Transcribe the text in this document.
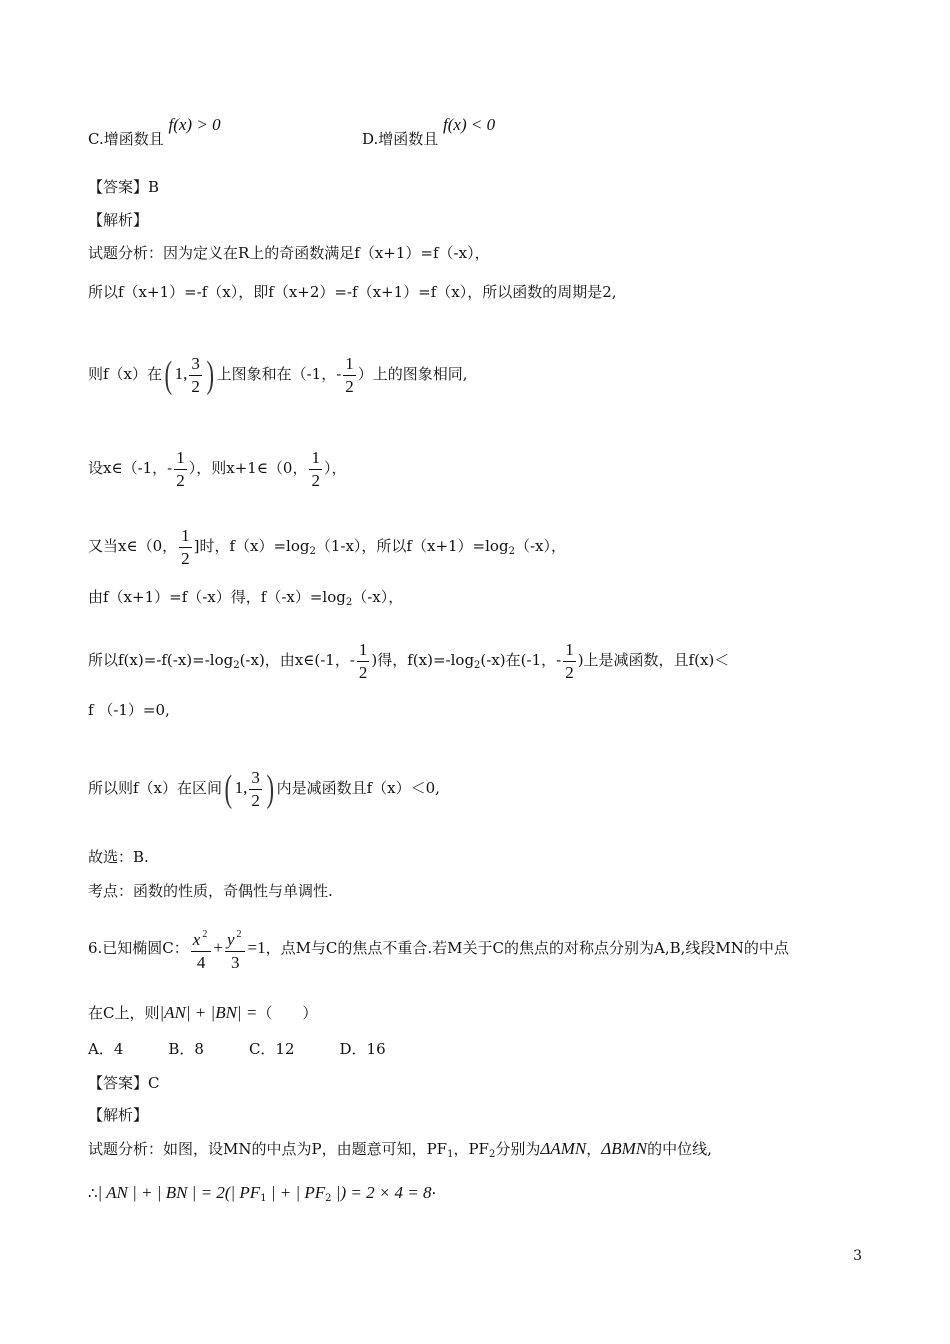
C.增函数且 f(x) > 0
D.增函数且 f(x) < 0
【答案】B
【解析】
试题分析：因为定义在R上的奇函数满足f（x+1）=f（-x），
所以f（x+1）=-f（x），即f（x+2）=-f（x+1）=f（x），所以函数的周期是2,
则f（x）在( 1, $\frac{3}{2}$ ) 上图象和在（-1，- $\frac{1}{2}$ ）上的图象相同,
设x∈（-1，- $\frac{1}{2}$ ），则x+1∈（0， $\frac{1}{2}$ ），
又当x∈（0， $\frac{1}{2}$ ]时，$f(x)=\log_2(1-x)$，所以$f(x+1)=\log_2(-x)$，
由f（x+1）=f（-x）得，$f(-x)=\log_2(-x)$，
所以$f(x)=-f(-x)=-\log_2(-x)$，由x∈(-1，- $\frac{1}{2}$ )得，$f(x)=-\log_2(-x)$在(-1，- $\frac{1}{2}$ )上是减函数，且f(x)＜
f （-1）=0,
所以则f（x）在区间( 1, $\frac{3}{2}$ ) 内是减函数且f（x）＜0,
故选：B.
考点：函数的性质，奇偶性与单调性.
6.已知椭圆C： $\frac{x ^2}{4} + \frac{y ^2}{3} =1$，点M与C的焦点不重合.若M关于C的焦点的对称点分别为A,B,线段MN的中点
在C上，则|AN| + |BN| =（　　）
A．4　　　B．8　　　C．12　　　D．16
【答案】C
【解析】
试题分析：如图，设MN的中点为P，由题意可知，$PF_1$，$PF_2$分别为ΔAMN，ΔBMN的中位线,
∴| AN | + | BN | = 2(| $PF_1$ | + | $PF_2$ |) = 2 × 4 = 8·
3
